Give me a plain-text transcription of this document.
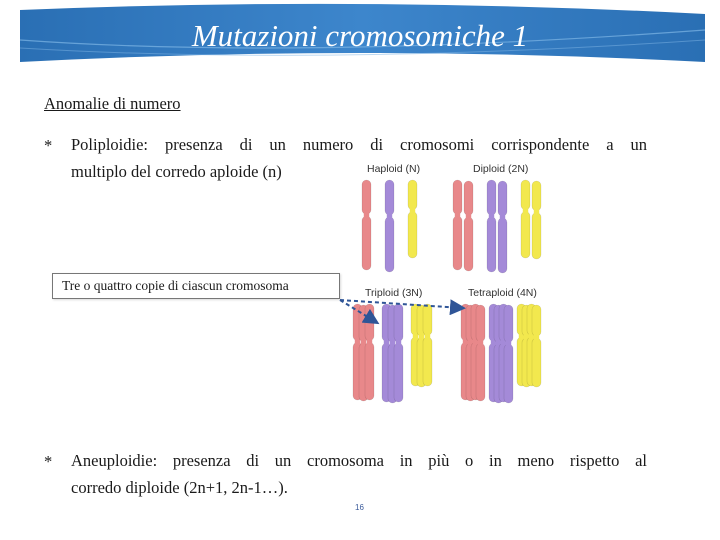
Mutazioni cromosomiche 1
Anomalie di numero
* Poliploidie: presenza di un numero di cromosomi corrispondente a un
multiplo del corredo aploide (n)
Tre o quattro copie di ciascun cromosoma
Haploid (N)	Diploid (2N)
Triploid (3N)	Tetraploid (4N)
* Aneuploidie: presenza di un cromosoma in più o in meno rispetto al
corredo diploide (2n+1, 2n-1…).
16
